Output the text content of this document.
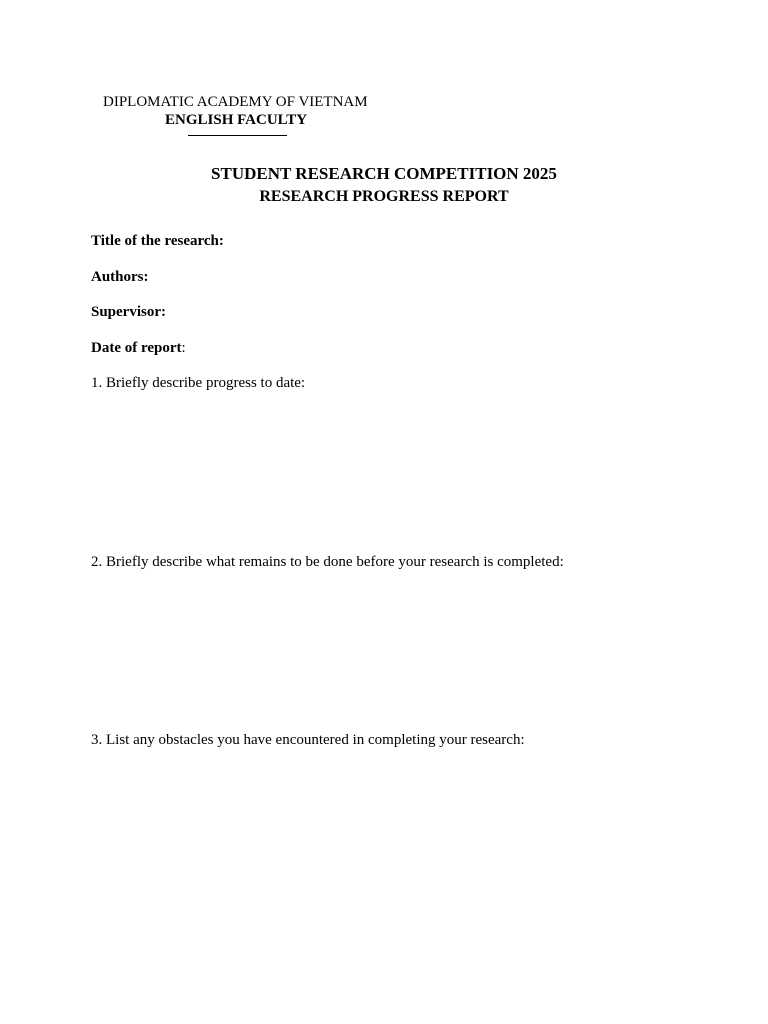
DIPLOMATIC ACADEMY OF VIETNAM
ENGLISH FACULTY
STUDENT RESEARCH COMPETITION 2025
RESEARCH PROGRESS REPORT
Title of the research:
Authors:
Supervisor:
Date of report:
1. Briefly describe progress to date:
2. Briefly describe what remains to be done before your research is completed:
3. List any obstacles you have encountered in completing your research:
